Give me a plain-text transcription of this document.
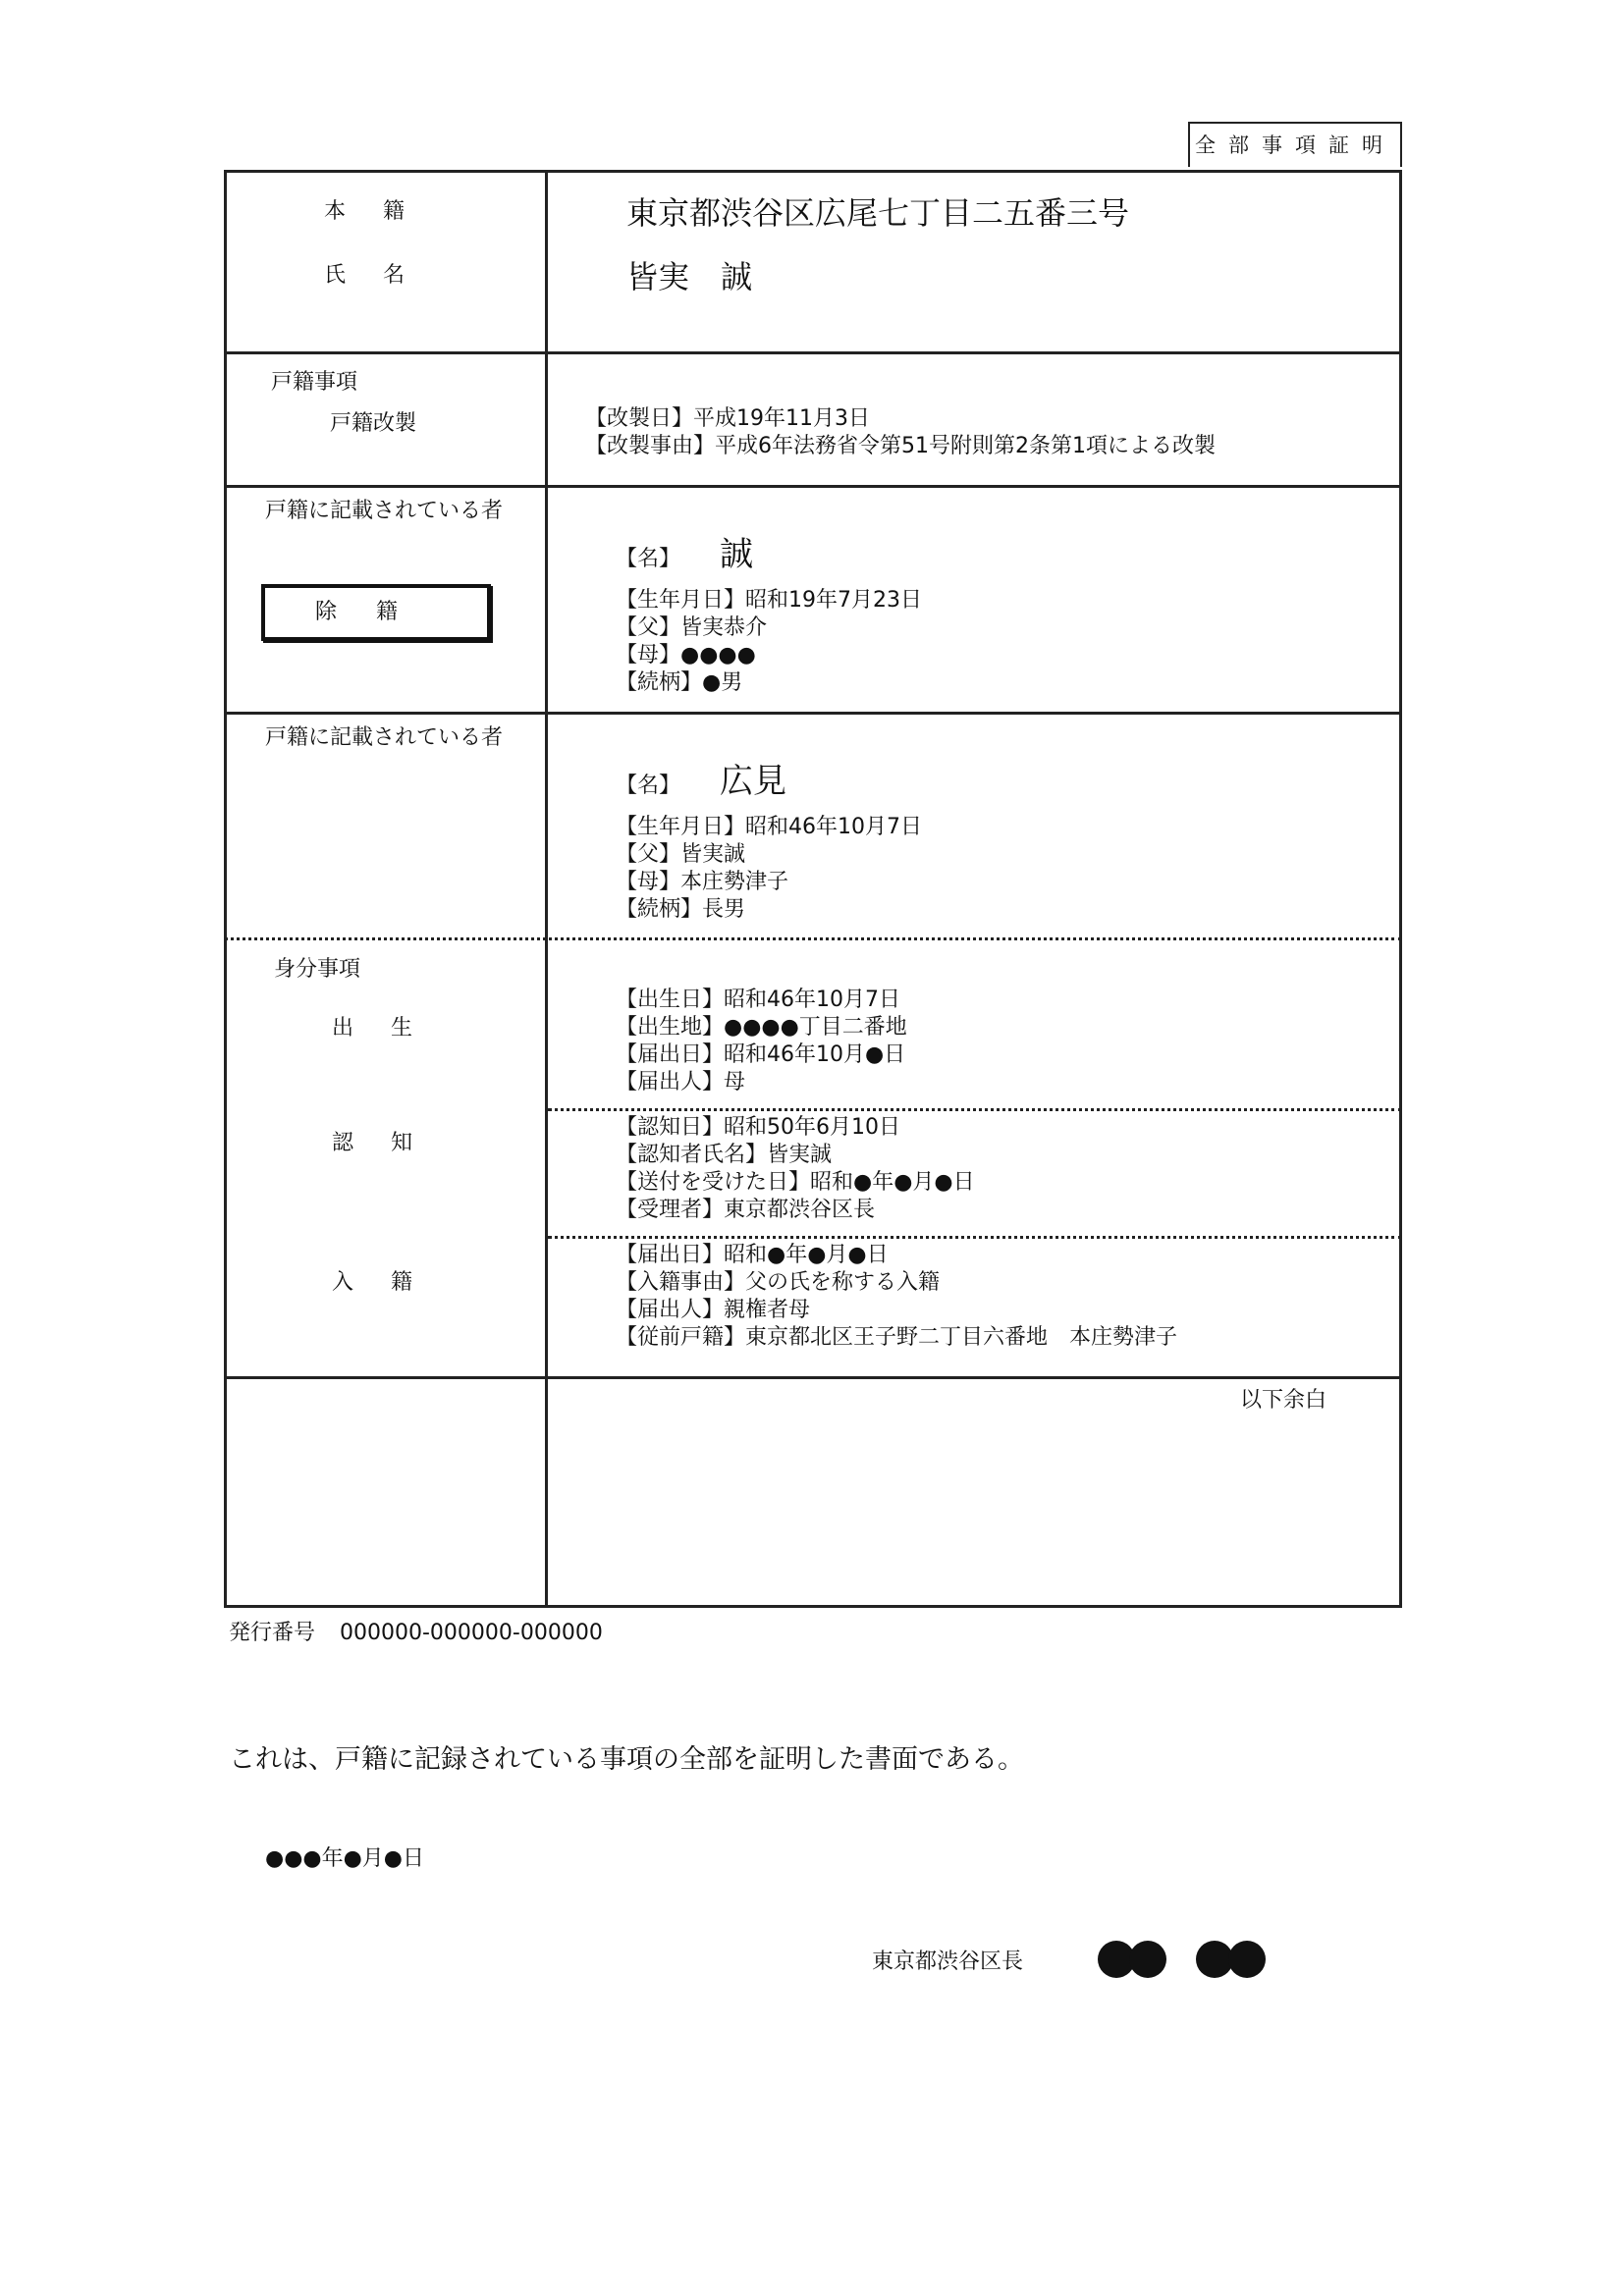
全部事項証明
本籍
氏名
東京都渋谷区広尾七丁目二五番三号
皆実　誠
戸籍事項
戸籍改製	【改製日】平成19年11月3日
【改製事由】平成6年法務省令第51号附則第2条第1項による改製
戸籍に記載されている者
除籍
【名】 誠
【生年月日】昭和19年7月23日
【父】皆実恭介
【母】●●●●
【続柄】●男
戸籍に記載されている者
【名】 広見
【生年月日】昭和46年10月7日
【父】皆実誠
【母】本庄勢津子
【続柄】長男
身分事項
出生
【出生日】昭和46年10月7日
【出生地】●●●●丁目二番地
【届出日】昭和46年10月●日
【届出人】母
認知
【認知日】昭和50年6月10日
【認知者氏名】皆実誠
【送付を受けた日】昭和●年●月●日
【受理者】東京都渋谷区長
入籍
【届出日】昭和●年●月●日
【入籍事由】父の氏を称する入籍
【届出人】親権者母
【従前戸籍】東京都北区王子野二丁目六番地　本庄勢津子
以下余白
発行番号 000000-000000-000000
これは、戸籍に記録されている事項の全部を証明した書面である。
●●●年●月●日
東京都渋谷区長
